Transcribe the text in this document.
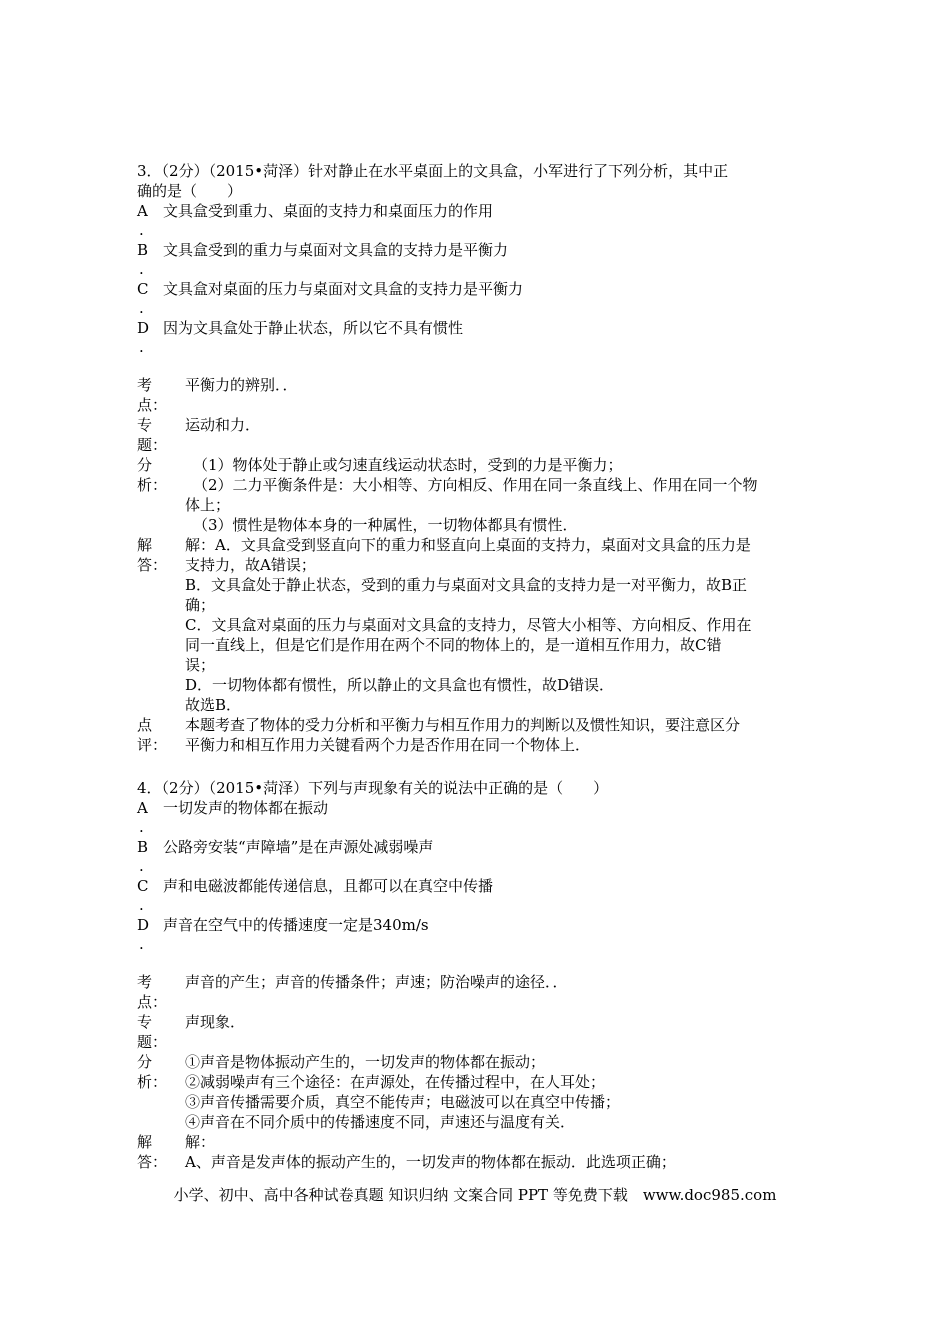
3．（2分）（2015•菏泽）针对静止在水平桌面上的文具盒，小军进行了下列分析，其中正
确的是（　　）
A
.
文具盒受到重力、桌面的支持力和桌面压力的作用
B
.
文具盒受到的重力与桌面对文具盒的支持力是平衡力
C
.
文具盒对桌面的压力与桌面对文具盒的支持力是平衡力
D
.
因为文具盒处于静止状态，所以它不具有惯性
考
点：
平衡力的辨别．．
专
题：
运动和力．
分
析：
（1）物体处于静止或匀速直线运动状态时，受到的力是平衡力；
（2）二力平衡条件是：大小相等、方向相反、作用在同一条直线上、作用在同一个物
体上；
（3）惯性是物体本身的一种属性，一切物体都具有惯性．
解
答：
解：A．文具盒受到竖直向下的重力和竖直向上桌面的支持力，桌面对文具盒的压力是
支持力，故A错误；
B．文具盒处于静止状态，受到的重力与桌面对文具盒的支持力是一对平衡力，故B正
确；
C．文具盒对桌面的压力与桌面对文具盒的支持力，尽管大小相等、方向相反、作用在
同一直线上，但是它们是作用在两个不同的物体上的，是一道相互作用力，故C错
误；
D．一切物体都有惯性，所以静止的文具盒也有惯性，故D错误．
故选B．
点
评：
本题考查了物体的受力分析和平衡力与相互作用力的判断以及惯性知识，要注意区分
平衡力和相互作用力关键看两个力是否作用在同一个物体上．
4．（2分）（2015•菏泽）下列与声现象有关的说法中正确的是（　　）
A
.
一切发声的物体都在振动
B
.
公路旁安装“声障墙”是在声源处减弱噪声
C
.
声和电磁波都能传递信息，且都可以在真空中传播
D
.
声音在空气中的传播速度一定是340m/s
考
点：
声音的产生；声音的传播条件；声速；防治噪声的途径．．
专
题：
声现象．
分
析：
①声音是物体振动产生的，一切发声的物体都在振动；
②减弱噪声有三个途径：在声源处，在传播过程中，在人耳处；
③声音传播需要介质，真空不能传声；电磁波可以在真空中传播；
④声音在不同介质中的传播速度不同，声速还与温度有关．
解
答：
解：
A、声音是发声体的振动产生的，一切发声的物体都在振动．此选项正确；
小学、初中、高中各种试卷真题 知识归纳 文案合同 PPT 等免费下载　www.doc985.com
